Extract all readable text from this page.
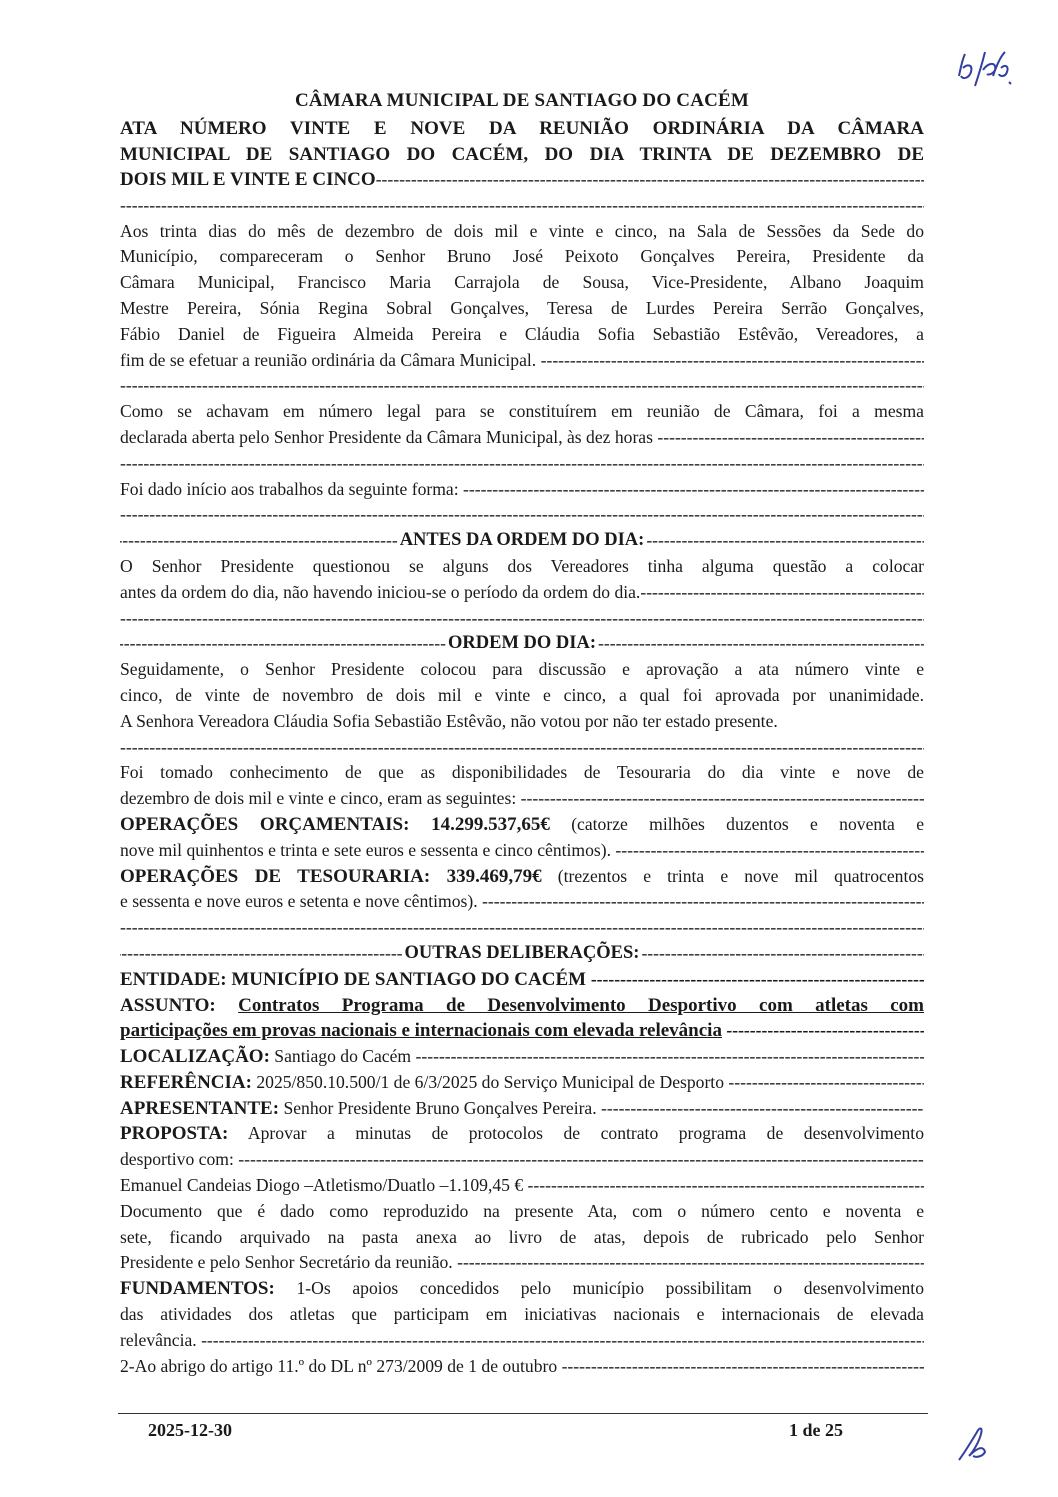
CÂMARA MUNICIPAL DE SANTIAGO DO CACÉM
ATA NÚMERO VINTE E NOVE DA REUNIÃO ORDINÁRIA DA CÂMARA
MUNICIPAL DE SANTIAGO DO CACÉM, DO DIA TRINTA DE DEZEMBRO DE
DOIS MIL E VINTE E CINCO -----
-----
Aos trinta dias do mês de dezembro de dois mil e vinte e cinco, na Sala de Sessões da Sede do
Município, compareceram o Senhor Bruno José Peixoto Gonçalves Pereira, Presidente da
Câmara Municipal, Francisco Maria Carrajola de Sousa, Vice-Presidente, Albano Joaquim
Mestre Pereira, Sónia Regina Sobral Gonçalves, Teresa de Lurdes Pereira Serrão Gonçalves,
Fábio Daniel de Figueira Almeida Pereira e Cláudia Sofia Sebastião Estêvão, Vereadores, a
fim de se efetuar a reunião ordinária da Câmara Municipal. -----
-----
Como se achavam em número legal para se constituírem em reunião de Câmara, foi a mesma
declarada aberta pelo Senhor Presidente da Câmara Municipal, às dez horas -----
-----
Foi dado início aos trabalhos da seguinte forma: -----
-----
-----
ANTES DA ORDEM DO DIA:
-----
O Senhor Presidente questionou se alguns dos Vereadores tinha alguma questão a colocar
antes da ordem do dia, não havendo iniciou-se o período da ordem do dia. -----
-----
-----
ORDEM DO DIA:
-----
Seguidamente, o Senhor Presidente colocou para discussão e aprovação a ata número vinte e
cinco, de vinte de novembro de dois mil e vinte e cinco, a qual foi aprovada por unanimidade.
A Senhora Vereadora Cláudia Sofia Sebastião Estêvão, não votou por não ter estado presente.
-----
Foi tomado conhecimento de que as disponibilidades de Tesouraria do dia vinte e nove de
dezembro de dois mil e vinte e cinco, eram as seguintes: -----
OPERAÇÕES ORÇAMENTAIS: 14.299.537,65€ (catorze milhões duzentos e noventa e
nove mil quinhentos e trinta e sete euros e sessenta e cinco cêntimos). -----
OPERAÇÕES DE TESOURARIA: 339.469,79€ (trezentos e trinta e nove mil quatrocentos
e sessenta e nove euros e setenta e nove cêntimos). -----
-----
-----
OUTRAS DELIBERAÇÕES:
-----
ENTIDADE: MUNICÍPIO DE SANTIAGO DO CACÉM -----
ASSUNTO: Contratos Programa de Desenvolvimento Desportivo com atletas com
participações em provas nacionais e internacionais com elevada relevância -----
LOCALIZAÇÃO: Santiago do Cacém -----
REFERÊNCIA: 2025/850.10.500/1 de 6/3/2025 do Serviço Municipal de Desporto -----
APRESENTANTE: Senhor Presidente Bruno Gonçalves Pereira. -----
PROPOSTA: Aprovar a minutas de protocolos de contrato programa de desenvolvimento
desportivo com: -----
Emanuel Candeias Diogo –Atletismo/Duatlo –1.109,45 € -----
Documento que é dado como reproduzido na presente Ata, com o número cento e noventa e
sete, ficando arquivado na pasta anexa ao livro de atas, depois de rubricado pelo Senhor
Presidente e pelo Senhor Secretário da reunião. -----
FUNDAMENTOS: 1-Os apoios concedidos pelo município possibilitam o desenvolvimento
das atividades dos atletas que participam em iniciativas nacionais e internacionais de elevada
relevância. -----
2-Ao abrigo do artigo 11.º do DL nº 273/2009 de 1 de outubro -----
2025-12-30	1 de 25
